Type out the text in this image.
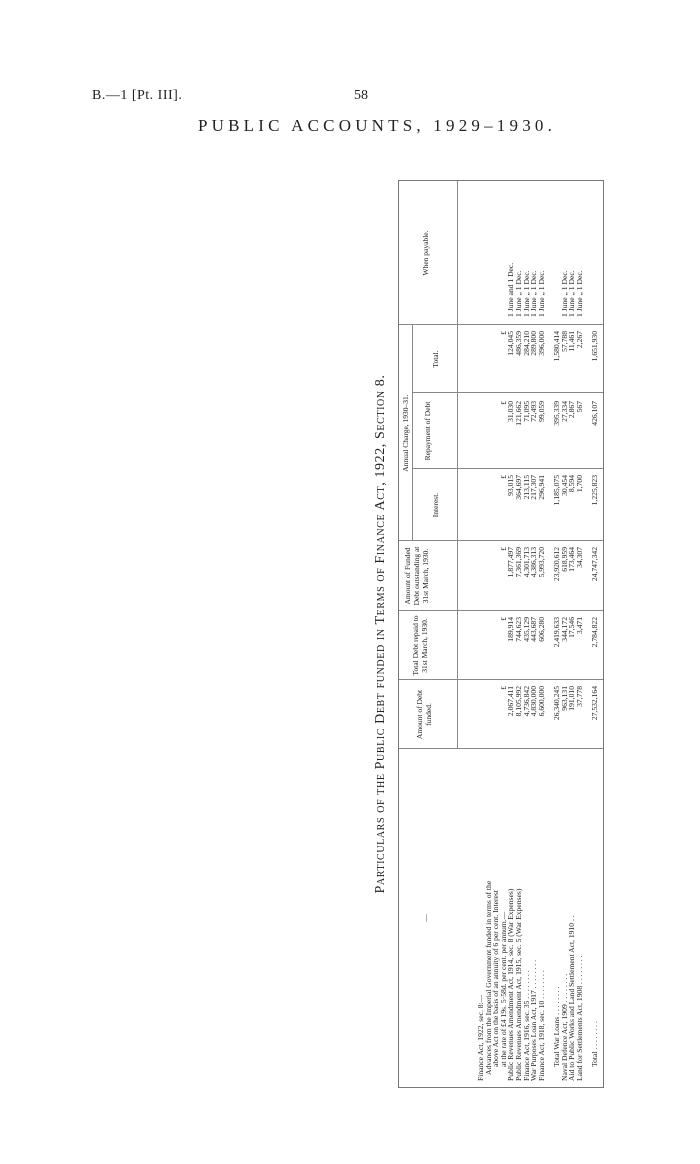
B.—1 [Pt. III].	58
PUBLIC ACCOUNTS, 1929–1930.
Particulars of the Public Debt funded in Terms of Finance Act, 1922, Section 8.
—
Amount of Debt funded.
Total Debt repaid to 31st March, 1930.
Amount of Funded Debt outstanding at 31st March, 1930.
Annual Charge, 1930–31.
Interest.
Repayment of Debt
Total.
When payable.
Finance Act, 1922, sec. 8:—
Advances from the Imperial Government funded in terms of the
above Act on the basis of an annuity of 6 per cent. Interest
at the rate of £4 19s. 5·58d. per cent. per annum.—
£
£
£
£
£
£
Public Revenues Amendment Act, 1914, sec. 8 (War Expenses)
2,067,411
189,914
1,877,497
93,015
31,030
124,045
1 June and 1 Dec.
Public Revenues Amendment Act, 1915, sec. 5 (War Expenses)
8,105,992
744,623
7,361,369
364,697
121,662
486,359
1 June „ 1 Dec.
Finance Act, 1916, sec. 35 . . . . . . . .
4,736,842
435,129
4,301,713
213,115
71,095
284,210
1 June „ 1 Dec.
War Purposes Loan Act, 1917 . . . . . . . .
4,830,000
443,687
4,386,313
217,307
72,493
289,800
1 June „ 1 Dec.
Finance Act, 1918, sec. 10 . . . . . . . .
6,600,000
606,280
5,993,720
296,941
99,059
396,000
1 June „ 1 Dec.
Total War Loans . . . . . . . .
26,340,245
2,419,633
23,920,612
1,185,075
395,339
1,580,414
Naval Defence Act, 1909 . . . . . . . .
963,131
344,172
618,959
30,454
27,334
57,788
1 June „ 1 Dec.
Aid to Public Works and Land Settlement Act, 1910 . .
191,010
17,546
173,464
8,594
2,867
11,461
1 June „ 1 Dec.
Land for Settlements Act, 1908 . . . . . . . .
37,778
3,471
34,307
1,700
567
2,267
1 June „ 1 Dec.
Total . . . . . . . .
27,532,164
2,784,822
24,747,342
1,225,823
426,107
1,651,930
